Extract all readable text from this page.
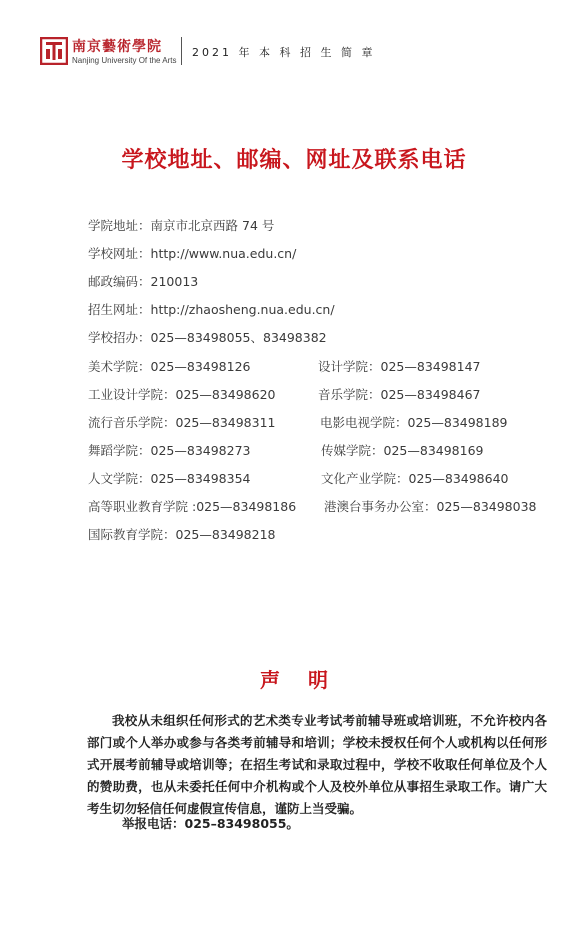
南京藝術學院
Nanjing University Of the Arts
2021 年 本 科 招 生 简 章
学校地址、邮编、网址及联系电话
学院地址：南京市北京西路 74 号
学校网址：http://www.nua.edu.cn/
邮政编码：210013
招生网址：http://zhaosheng.nua.edu.cn/
学校招办：025—83498055、83498382
美术学院：025—83498126	设计学院：025—83498147
工业设计学院：025—83498620	音乐学院：025—83498467
流行音乐学院：025—83498311	电影电视学院：025—83498189
舞蹈学院：025—83498273	传媒学院：025—83498169
人文学院：025—83498354	文化产业学院：025—83498640
高等职业教育学院 :025—83498186 港澳台事务办公室：025—83498038
国际教育学院：025—83498218
声明
我校从未组织任何形式的艺术类专业考试考前辅导班或培训班，不允许校内各部门或个人举办或参与各类考前辅导和培训；学校未授权任何个人或机构以任何形式开展考前辅导或培训等；在招生考试和录取过程中，学校不收取任何单位及个人的赞助费，也从未委托任何中介机构或个人及校外单位从事招生录取工作。请广大考生切勿轻信任何虚假宣传信息，谨防上当受骗。
举报电话：025–83498055。
